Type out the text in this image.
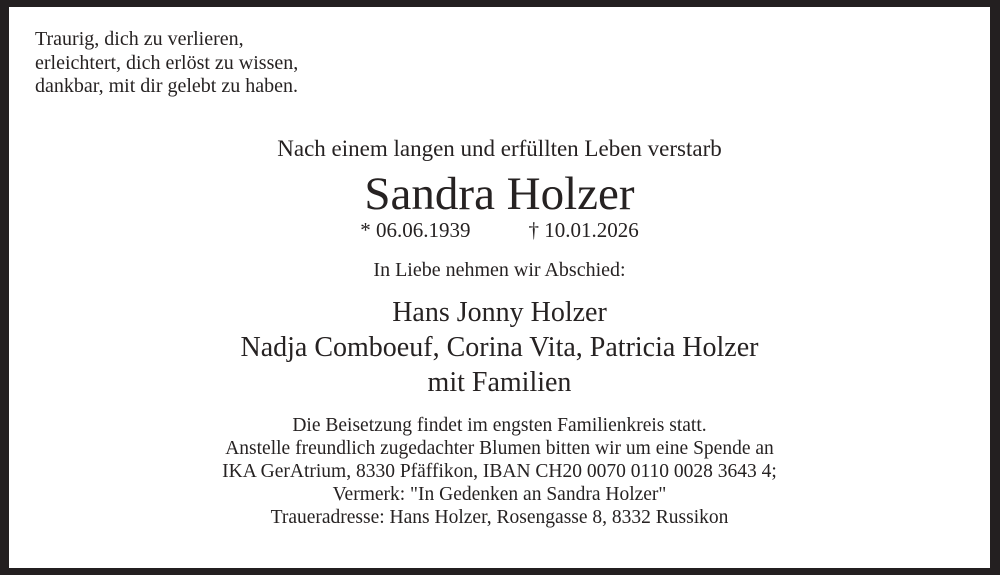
Traurig, dich zu verlieren,
erleichtert, dich erlöst zu wissen,
dankbar, mit dir gelebt zu haben.
Nach einem langen und erfüllten Leben verstarb
Sandra Holzer
* 06.06.1939	† 10.01.2026
In Liebe nehmen wir Abschied:
Hans Jonny Holzer
Nadja Comboeuf, Corina Vita, Patricia Holzer
mit Familien
Die Beisetzung findet im engsten Familienkreis statt.
Anstelle freundlich zugedachter Blumen bitten wir um eine Spende an
IKA GerAtrium, 8330 Pfäffikon, IBAN CH20 0070 0110 0028 3643 4;
Vermerk: "In Gedenken an Sandra Holzer"
Traueradresse: Hans Holzer, Rosengasse 8, 8332 Russikon
